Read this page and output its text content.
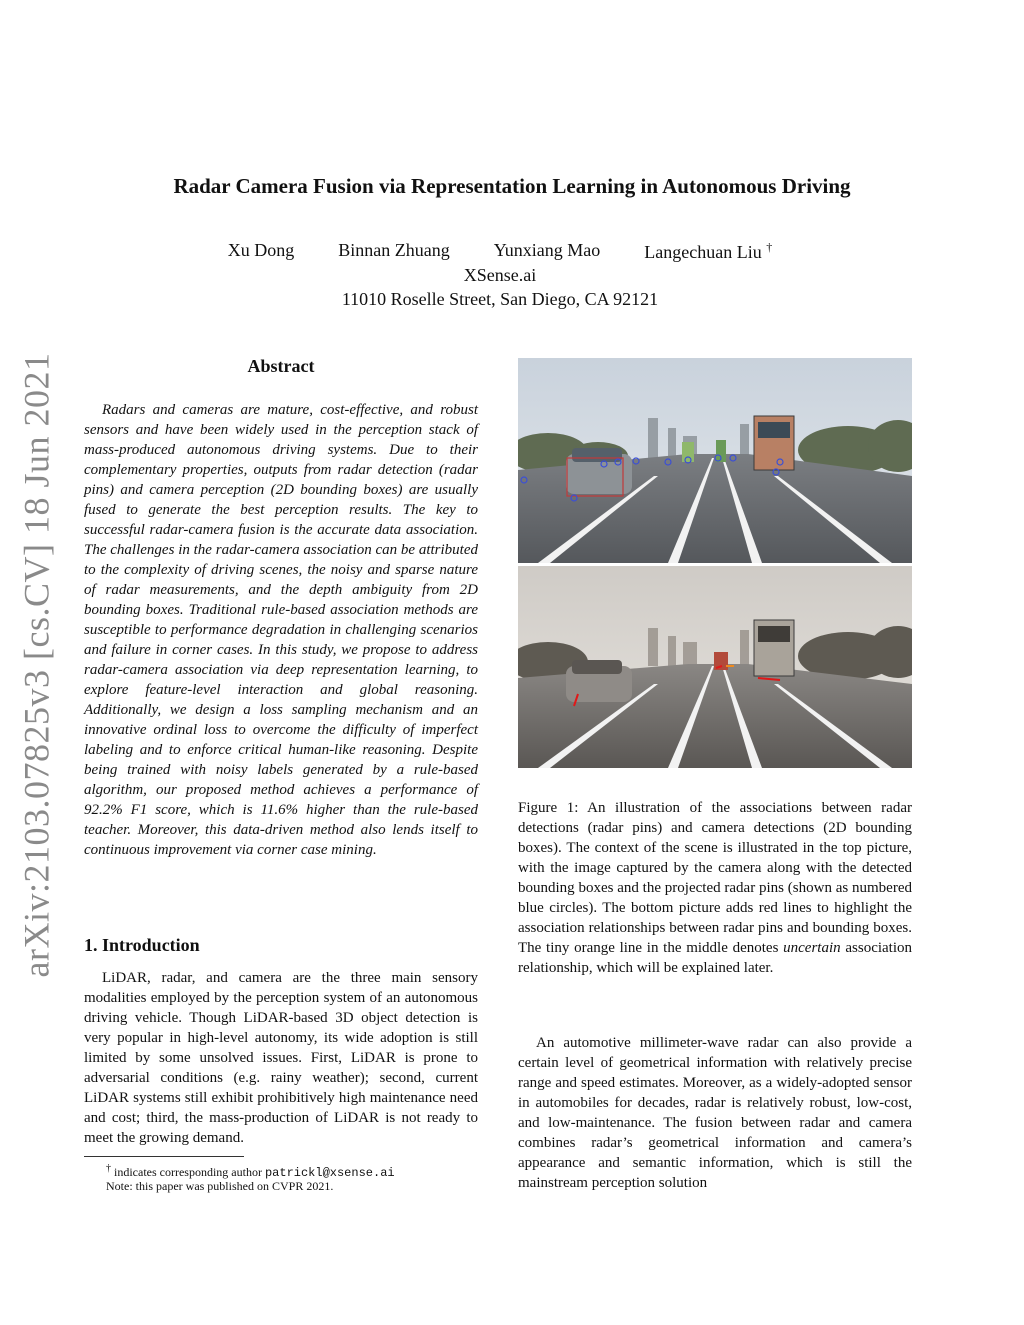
arXiv:2103.07825v3 [cs.CV] 18 Jun 2021
Radar Camera Fusion via Representation Learning in Autonomous Driving
Xu Dong Binnan Zhuang Yunxiang Mao Langechuan Liu †
XSense.ai
11010 Roselle Street, San Diego, CA 92121
Abstract
Radars and cameras are mature, cost-effective, and robust sensors and have been widely used in the perception stack of mass-produced autonomous driving systems. Due to their complementary properties, outputs from radar detection (radar pins) and camera perception (2D bounding boxes) are usually fused to generate the best perception results. The key to successful radar-camera fusion is the accurate data association. The challenges in the radar-camera association can be attributed to the complexity of driving scenes, the noisy and sparse nature of radar measurements, and the depth ambiguity from 2D bounding boxes. Traditional rule-based association methods are susceptible to performance degradation in challenging scenarios and failure in corner cases. In this study, we propose to address radar-camera association via deep representation learning, to explore feature-level interaction and global reasoning. Additionally, we design a loss sampling mechanism and an innovative ordinal loss to overcome the difficulty of imperfect labeling and to enforce critical human-like reasoning. Despite being trained with noisy labels generated by a rule-based algorithm, our proposed method achieves a performance of 92.2% F1 score, which is 11.6% higher than the rule-based teacher. Moreover, this data-driven method also lends itself to continuous improvement via corner case mining.
1. Introduction
LiDAR, radar, and camera are the three main sensory modalities employed by the perception system of an autonomous driving vehicle. Though LiDAR-based 3D object detection is very popular in high-level autonomy, its wide adoption is still limited by some unsolved issues. First, LiDAR is prone to adversarial conditions (e.g. rainy weather); second, current LiDAR systems still exhibit prohibitively high maintenance need and cost; third, the mass-production of LiDAR is not ready to meet the growing demand.
† indicates corresponding author patrickl@xsense.ai
Note: this paper was published on CVPR 2021.
Figure 1: An illustration of the associations between radar detections (radar pins) and camera detections (2D bounding boxes). The context of the scene is illustrated in the top picture, with the image captured by the camera along with the detected bounding boxes and the projected radar pins (shown as numbered blue circles). The bottom picture adds red lines to highlight the association relationships between radar pins and bounding boxes. The tiny orange line in the middle denotes uncertain association relationship, which will be explained later.
An automotive millimeter-wave radar can also provide a certain level of geometrical information with relatively precise range and speed estimates. Moreover, as a widely-adopted sensor in automobiles for decades, radar is relatively robust, low-cost, and low-maintenance. The fusion between radar and camera combines radar’s geometrical information and camera’s appearance and semantic information, which is still the mainstream perception solution
